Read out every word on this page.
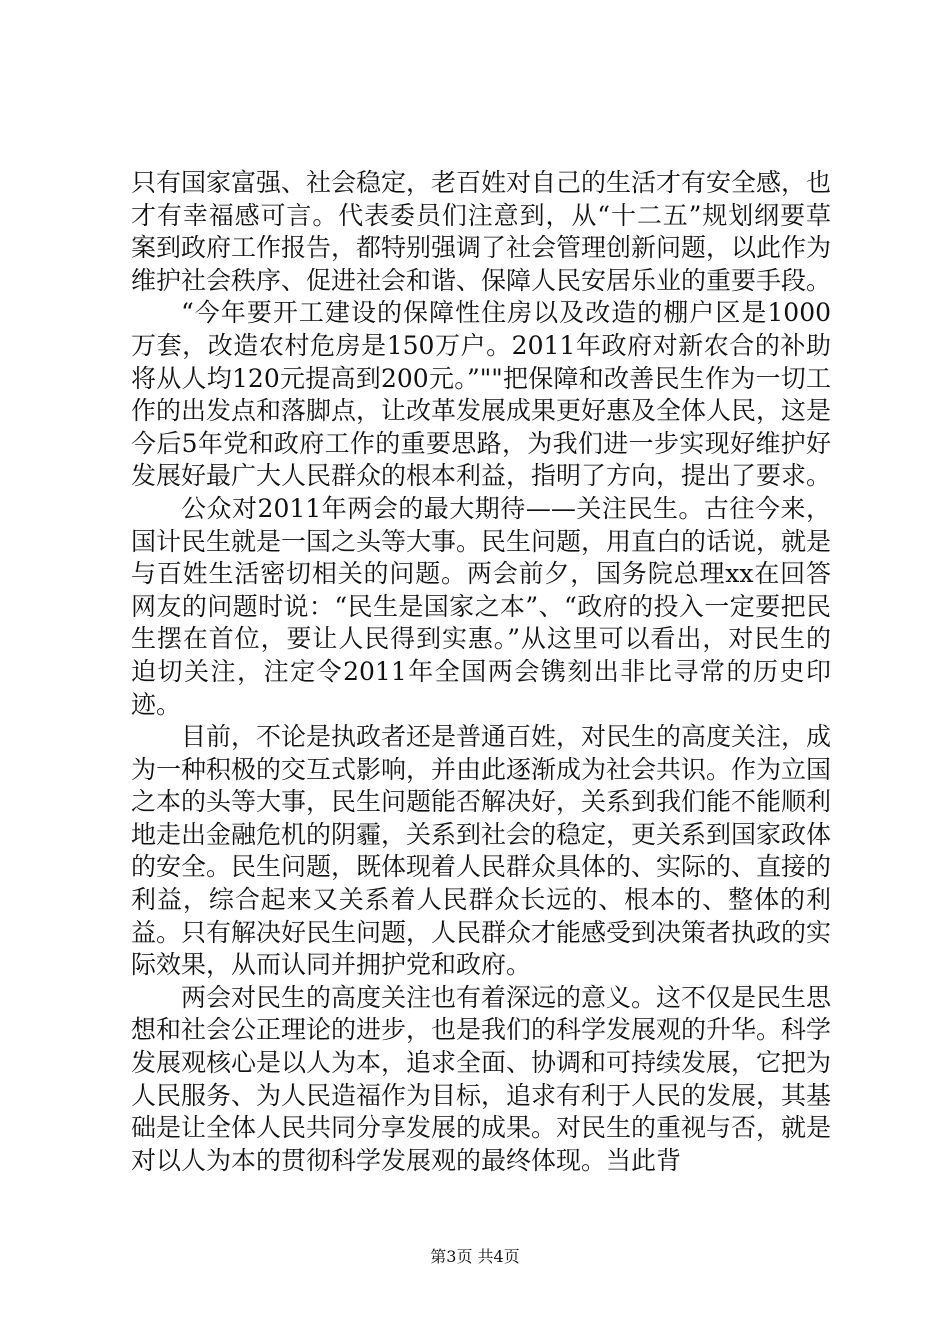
只有国家富强、社会稳定，老百姓对自己的生活才有安全感，也才有幸福感可言。代表委员们注意到，从“十二五”规划纲要草案到政府工作报告，都特别强调了社会管理创新问题，以此作为维护社会秩序、促进社会和谐、保障人民安居乐业的重要手段。

“今年要开工建设的保障性住房以及改造的棚户区是1000万套，改造农村危房是150万户。2011年政府对新农合的补助将从人均120元提高到200元。”""把保障和改善民生作为一切工作的出发点和落脚点，让改革发展成果更好惠及全体人民，这是今后5年党和政府工作的重要思路，为我们进一步实现好维护好发展好最广大人民群众的根本利益，指明了方向，提出了要求。

公众对2011年两会的最大期待——关注民生。古往今来，国计民生就是一国之头等大事。民生问题，用直白的话说，就是与百姓生活密切相关的问题。两会前夕，国务院总理xx在回答网友的问题时说：“民生是国家之本”、“政府的投入一定要把民生摆在首位，要让人民得到实惠。”从这里可以看出，对民生的迫切关注，注定令2011年全国两会镌刻出非比寻常的历史印迹。

目前，不论是执政者还是普通百姓，对民生的高度关注，成为一种积极的交互式影响，并由此逐渐成为社会共识。作为立国之本的头等大事，民生问题能否解决好，关系到我们能不能顺利地走出金融危机的阴霾，关系到社会的稳定，更关系到国家政体的安全。民生问题，既体现着人民群众具体的、实际的、直接的利益，综合起来又关系着人民群众长远的、根本的、整体的利益。只有解决好民生问题，人民群众才能感受到决策者执政的实际效果，从而认同并拥护党和政府。

两会对民生的高度关注也有着深远的意义。这不仅是民生思想和社会公正理论的进步，也是我们的科学发展观的升华。科学发展观核心是以人为本，追求全面、协调和可持续发展，它把为人民服务、为人民造福作为目标，追求有利于人民的发展，其基础是让全体人民共同分享发展的成果。对民生的重视与否，就是对以人为本的贯彻科学发展观的最终体现。当此背

第3页 共4页
